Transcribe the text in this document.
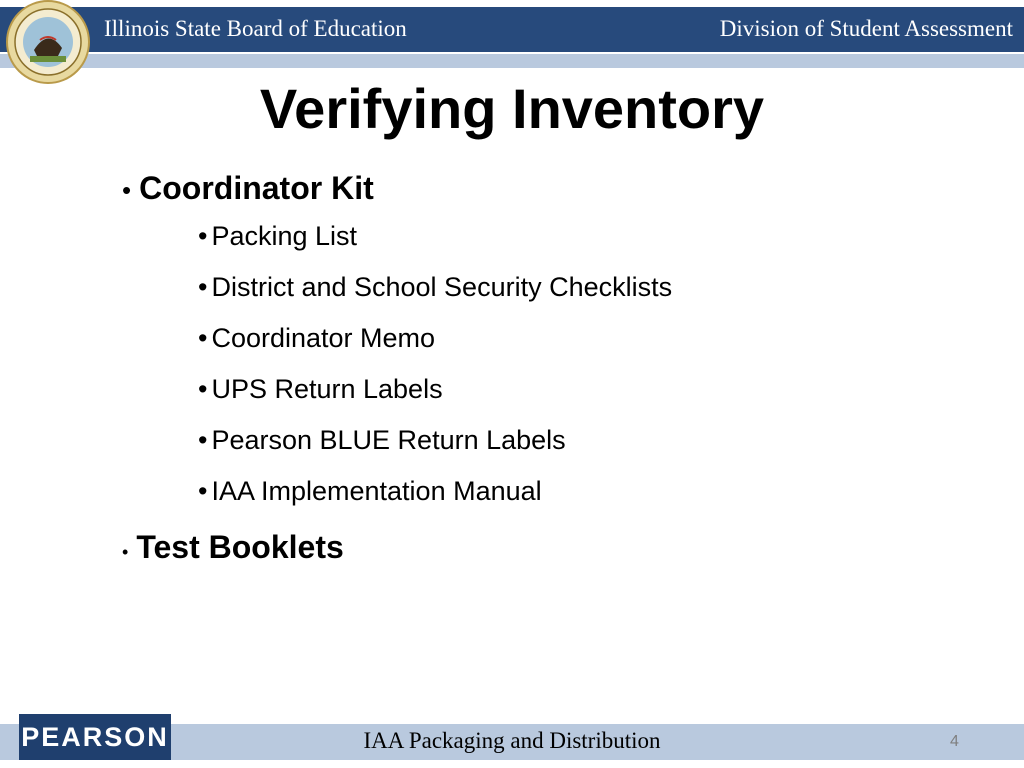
Illinois State Board of Education	Division of Student Assessment
Verifying Inventory
• Coordinator Kit
• Packing List
• District and School Security Checklists
• Coordinator Memo
• UPS Return Labels
• Pearson BLUE Return Labels
• IAA Implementation Manual
• Test Booklets
PEARSON	IAA Packaging and Distribution	4
